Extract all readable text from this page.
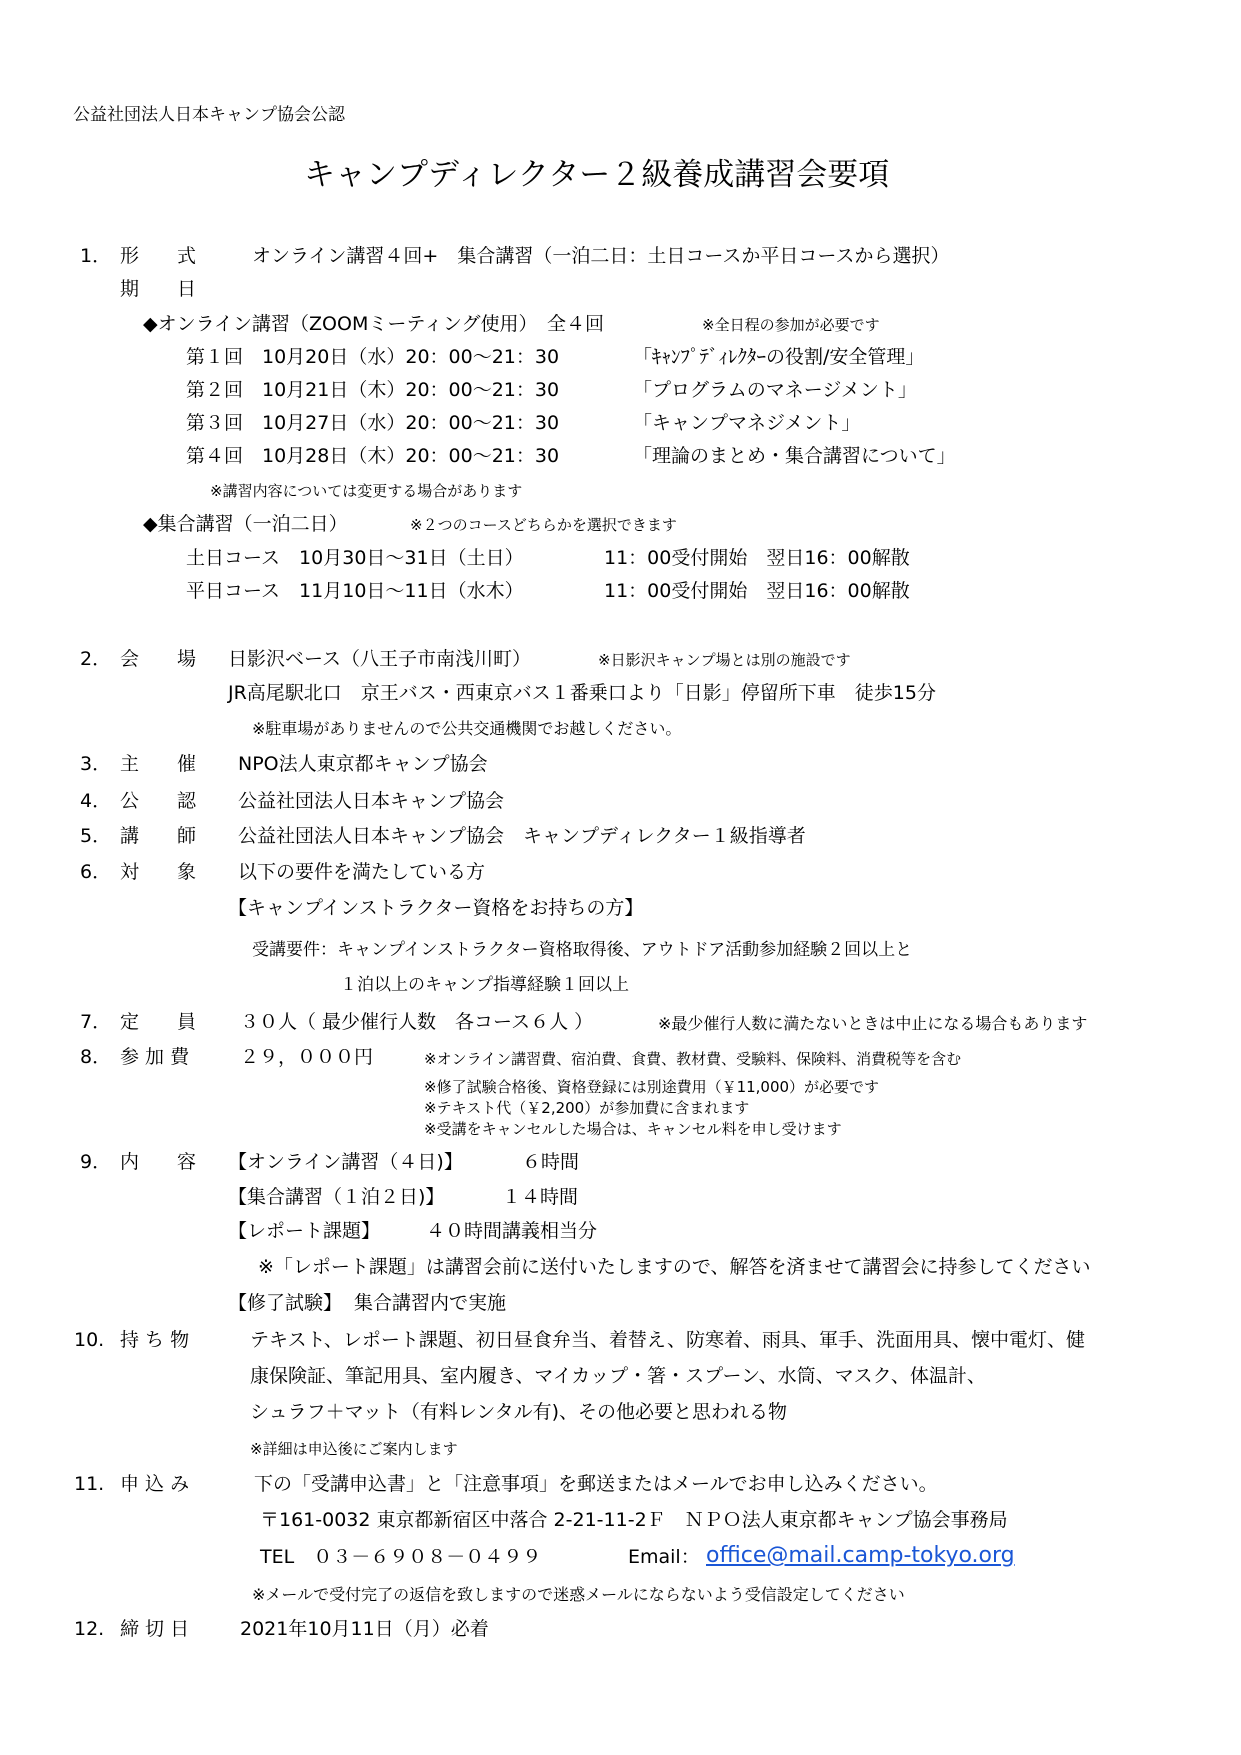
公益社団法人日本キャンプ協会公認
キャンプディレクター２級養成講習会要項
1． 形　　式	オンライン講習４回+　集合講習（一泊二日：土日コースか平日コースから選択）
期　　日
◆オンライン講習（ZOOMミーティング使用）　全４回	※全日程の参加が必要です
第１回　10月20日（水）20：00～21：30	「ｷｬﾝﾌﾟﾃﾞｨﾚｸﾀｰの役割/安全管理」
第２回　10月21日（木）20：00～21：30	「プログラムのマネージメント」
第３回　10月27日（水）20：00～21：30	「キャンプマネジメント」
第４回　10月28日（木）20：00～21：30	「理論のまとめ・集合講習について」
※講習内容については変更する場合があります
◆集合講習（一泊二日）	※２つのコースどちらかを選択できます
土日コース　10月30日～31日（土日）	11：00受付開始　翌日16：00解散
平日コース　11月10日～11日（水木）	11：00受付開始　翌日16：00解散
2． 会　　場 日影沢ベース（八王子市南浅川町）	※日影沢キャンプ場とは別の施設です
JR高尾駅北口　京王バス・西東京バス１番乗口より「日影」停留所下車　徒歩15分
※駐車場がありませんので公共交通機関でお越しください。
3． 主　　催 NPO法人東京都キャンプ協会
4． 公　　認 公益社団法人日本キャンプ協会
5． 講　　師 公益社団法人日本キャンプ協会　キャンプディレクター１級指導者
6． 対　　象 以下の要件を満たしている方
【キャンプインストラクター資格をお持ちの方】
受講要件：キャンプインストラクター資格取得後、アウトドア活動参加経験２回以上と
１泊以上のキャンプ指導経験１回以上
7． 定　　員 ３０人（ 最少催行人数　各コース６人 ）	※最少催行人数に満たないときは中止になる場合もあります
8． 参 加 費	２９，０００円	※オンライン講習費、宿泊費、食費、教材費、受験料、保険料、消費税等を含む
※修了試験合格後、資格登録には別途費用（￥11,000）が必要です
※テキスト代（￥2,200）が参加費に含まれます
※受講をキャンセルした場合は、キャンセル料を申し受けます
9． 内　　容 【オンライン講習（４日)】	６時間
【集合講習（１泊２日)】	１４時間
【レポート課題】 ４０時間講義相当分
※「レポート課題」は講習会前に送付いたしますので、解答を済ませて講習会に持参してください
【修了試験】 集合講習内で実施
10. 持 ち 物	テキスト、レポート課題、初日昼食弁当、着替え、防寒着、雨具、軍手、洗面用具、懐中電灯、健
康保険証、筆記用具、室内履き、マイカップ・箸・スプーン、水筒、マスク、体温計、
シュラフ＋マット（有料レンタル有)、その他必要と思われる物
※詳細は申込後にご案内します
11. 申 込 み	下の「受講申込書」と「注意事項」を郵送またはメールでお申し込みください。
〒161-0032 東京都新宿区中落合 2-21-11-2Ｆ　ＮＰＯ法人東京都キャンプ協会事務局
TEL　０３－６９０８－０４９９	Email： office@mail.camp-tokyo.org
※メールで受付完了の返信を致しますので迷惑メールにならないよう受信設定してください
12. 締 切 日	2021年10月11日（月）必着
